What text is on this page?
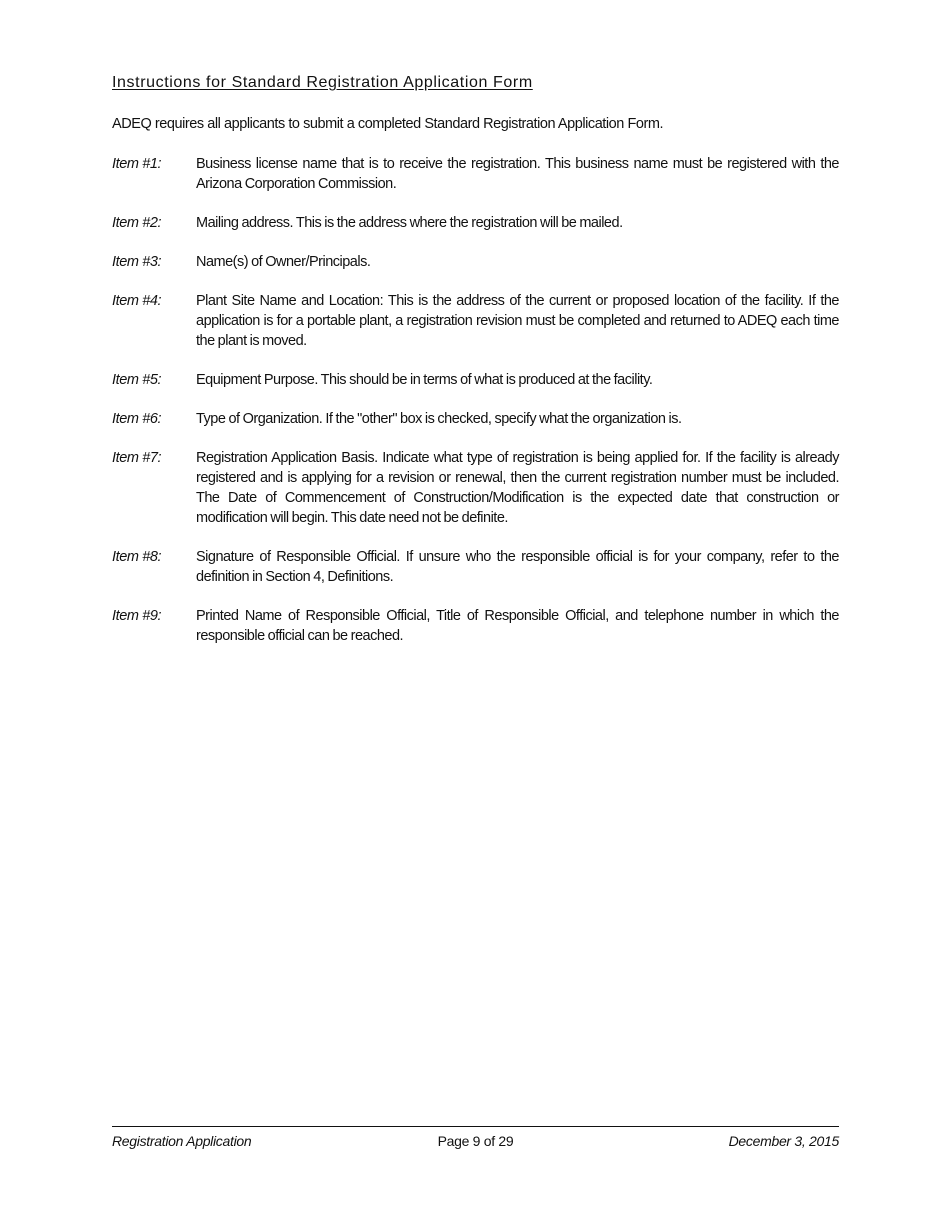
Instructions for Standard Registration Application Form
ADEQ requires all applicants to submit a completed Standard Registration Application Form.
Item #1:	Business license name that is to receive the registration. This business name must be registered with the Arizona Corporation Commission.
Item #2:	Mailing address. This is the address where the registration will be mailed.
Item #3:	Name(s) of Owner/Principals.
Item #4:	Plant Site Name and Location: This is the address of the current or proposed location of the facility. If the application is for a portable plant, a registration revision must be completed and returned to ADEQ each time the plant is moved.
Item #5:	Equipment Purpose. This should be in terms of what is produced at the facility.
Item #6:	Type of Organization. If the "other" box is checked, specify what the organization is.
Item #7:	Registration Application Basis. Indicate what type of registration is being applied for. If the facility is already registered and is applying for a revision or renewal, then the current registration number must be included. The Date of Commencement of Construction/Modification is the expected date that construction or modification will begin. This date need not be definite.
Item #8:	Signature of Responsible Official. If unsure who the responsible official is for your company, refer to the definition in Section 4, Definitions.
Item #9:	Printed Name of Responsible Official, Title of Responsible Official, and telephone number in which the responsible official can be reached.
Registration Application	Page 9 of 29	December 3, 2015
